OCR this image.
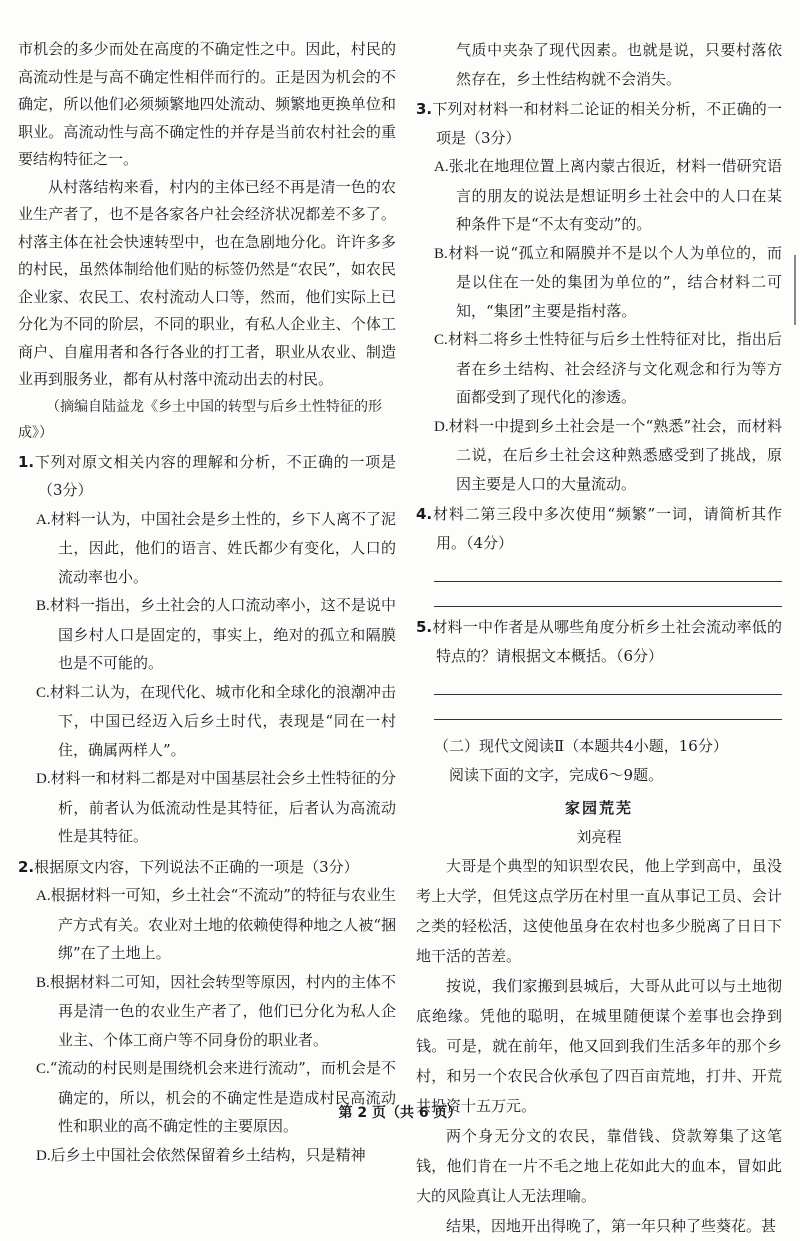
市机会的多少而处在高度的不确定性之中。因此，村民的高流动性是与高不确定性相伴而行的。正是因为机会的不确定，所以他们必须频繁地四处流动、频繁地更换单位和职业。高流动性与高不确定性的并存是当前农村社会的重要结构特征之一。

从村落结构来看，村内的主体已经不再是清一色的农业生产者了，也不是各家各户社会经济状况都差不多了。村落主体在社会快速转型中，也在急剧地分化。许许多多的村民，虽然体制给他们贴的标签仍然是“农民”，如农民企业家、农民工、农村流动人口等，然而，他们实际上已分化为不同的阶层，不同的职业，有私人企业主、个体工商户、自雇用者和各行各业的打工者，职业从农业、制造业再到服务业，都有从村落中流动出去的村民。

（摘编自陆益龙《乡土中国的转型与后乡土性特征的形成》）

1.下列对原文相关内容的理解和分析，不正确的一项是（3分）

A.材料一认为，中国社会是乡土性的，乡下人离不了泥土，因此，他们的语言、姓氏都少有变化，人口的流动率也小。

B.材料一指出，乡土社会的人口流动率小，这不是说中国乡村人口是固定的，事实上，绝对的孤立和隔膜也是不可能的。

C.材料二认为，在现代化、城市化和全球化的浪潮冲击下，中国已经迈入后乡土时代，表现是“同在一村住，确属两样人”。

D.材料一和材料二都是对中国基层社会乡土性特征的分析，前者认为低流动性是其特征，后者认为高流动性是其特征。

2.根据原文内容，下列说法不正确的一项是（3分）

A.根据材料一可知，乡土社会“不流动”的特征与农业生产方式有关。农业对土地的依赖使得种地之人被“捆绑”在了土地上。

B.根据材料二可知，因社会转型等原因，村内的主体不再是清一色的农业生产者了，他们已分化为私人企业主、个体工商户等不同身份的职业者。

C.“流动的村民则是围绕机会来进行流动”，而机会是不确定的，所以，机会的不确定性是造成村民高流动性和职业的高不确定性的主要原因。

D.后乡土中国社会依然保留着乡土结构，只是精神

气质中夹杂了现代因素。也就是说，只要村落依然存在，乡土性结构就不会消失。

3.下列对材料一和材料二论证的相关分析，不正确的一项是（3分）

A.张北在地理位置上离内蒙古很近，材料一借研究语言的朋友的说法是想证明乡土社会中的人口在某种条件下是“不太有变动”的。

B.材料一说“孤立和隔膜并不是以个人为单位的，而是以住在一处的集团为单位的”，结合材料二可知，“集团”主要是指村落。

C.材料二将乡土性特征与后乡土性特征对比，指出后者在乡土结构、社会经济与文化观念和行为等方面都受到了现代化的渗透。

D.材料一中提到乡土社会是一个“熟悉”社会，而材料二说，在后乡土社会这种熟悉感受到了挑战，原因主要是人口的大量流动。

4.材料二第三段中多次使用“频繁”一词，请简析其作用。（4分）

5.材料一中作者是从哪些角度分析乡土社会流动率低的特点的？请根据文本概括。（6分）

（二）现代文阅读Ⅱ（本题共4小题，16分）

阅读下面的文字，完成6～9题。

家园荒芜

刘亮程

大哥是个典型的知识型农民，他上学到高中，虽没考上大学，但凭这点学历在村里一直从事记工员、会计之类的轻松活，这使他虽身在农村也多少脱离了日日下地干活的苦差。

按说，我们家搬到县城后，大哥从此可以与土地彻底绝缘。凭他的聪明，在城里随便谋个差事也会挣到钱。可是，就在前年，他又回到我们生活多年的那个乡村，和另一个农民合伙承包了四百亩荒地，打井、开荒共投资十五万元。

两个身无分文的农民，靠借钱、贷款筹集了这笔钱，他们肯在一片不毛之地上花如此大的血本，冒如此大的风险真让人无法理喻。

结果，因地开出得晚了，第一年只种了些葵花。甚

第 2 页（共 6 页）
